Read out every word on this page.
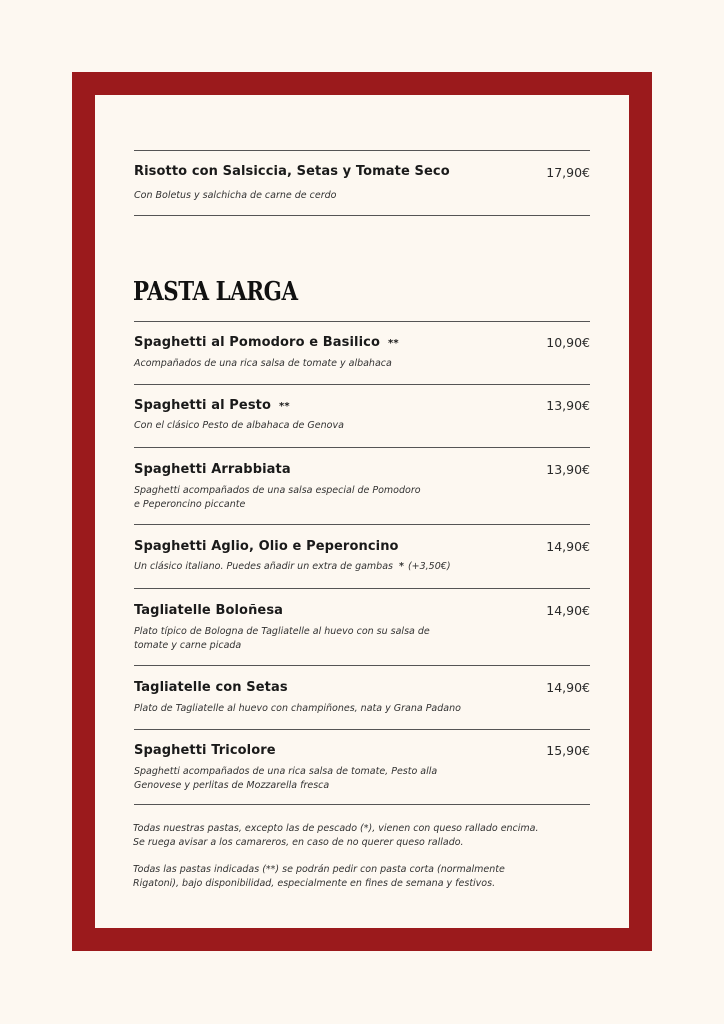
Risotto con Salsiccia, Setas y Tomate Seco	17,90€
Con Boletus y salchicha de carne de cerdo
PASTA LARGA
Spaghetti al Pomodoro e Basilico **	10,90€
Acompañados de una rica salsa de tomate y albahaca
Spaghetti al Pesto **	13,90€
Con el clásico Pesto de albahaca de Genova
Spaghetti Arrabbiata	13,90€
Spaghetti acompañados de una salsa especial de Pomodoro
e Peperoncino piccante
Spaghetti Aglio, Olio e Peperoncino	14,90€
Un clásico italiano. Puedes añadir un extra de gambas * (+3,50€)
Tagliatelle Boloñesa	14,90€
Plato típico de Bologna de Tagliatelle al huevo con su salsa de
tomate y carne picada
Tagliatelle con Setas	14,90€
Plato de Tagliatelle al huevo con champiñones, nata y Grana Padano
Spaghetti Tricolore	15,90€
Spaghetti acompañados de una rica salsa de tomate, Pesto alla
Genovese y perlitas de Mozzarella fresca
Todas nuestras pastas, excepto las de pescado (*), vienen con queso rallado encima.
Se ruega avisar a los camareros, en caso de no querer queso rallado.
Todas las pastas indicadas (**) se podrán pedir con pasta corta (normalmente
Rigatoni), bajo disponibilidad, especialmente en fines de semana y festivos.
